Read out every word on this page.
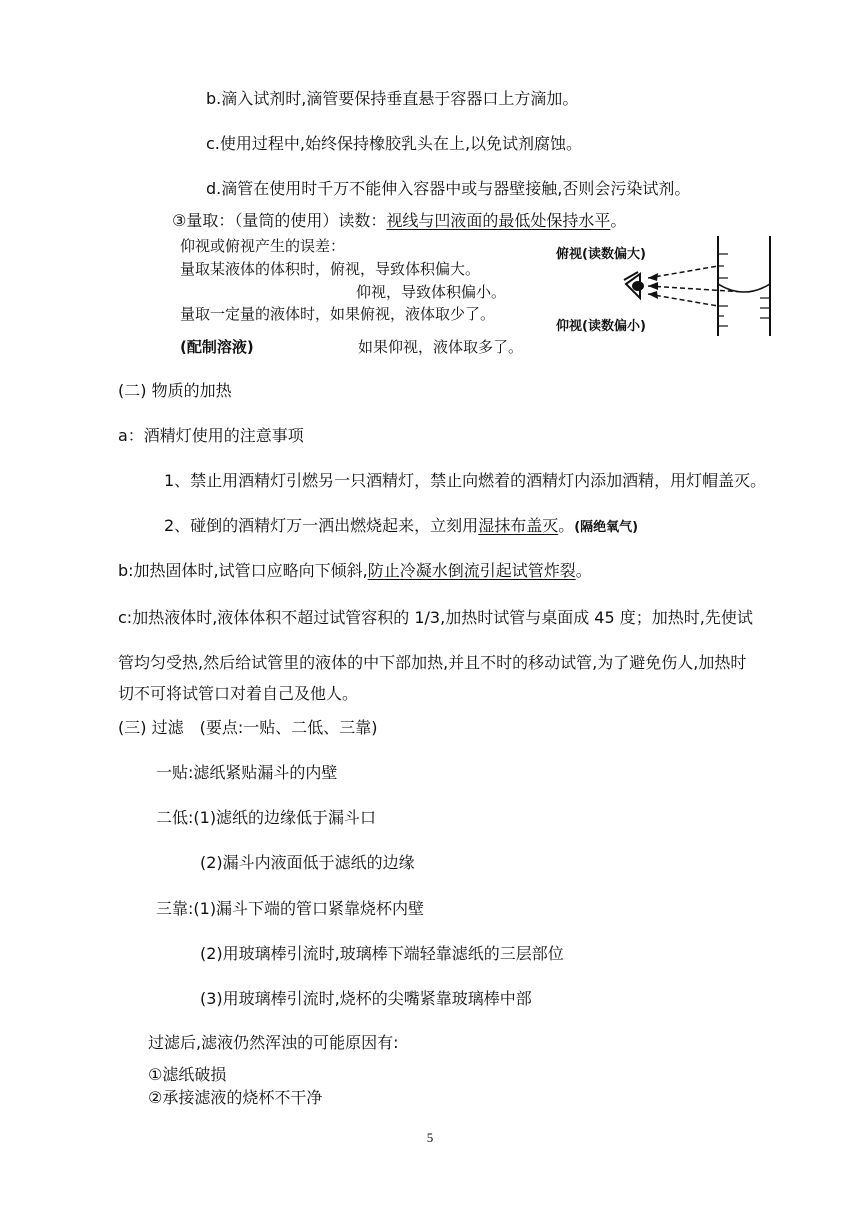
b.滴入试剂时,滴管要保持垂直悬于容器口上方滴加。
c.使用过程中,始终保持橡胶乳头在上,以免试剂腐蚀。
d.滴管在使用时千万不能伸入容器中或与器壁接触,否则会污染试剂。
③量取：（量筒的使用）读数：视线与凹液面的最低处保持水平。
仰视或俯视产生的误差：
量取某液体的体积时，俯视，导致体积偏大。
仰视，导致体积偏小。
量取一定量的液体时，如果俯视，液体取少了。
(配制溶液)	如果仰视，液体取多了。
俯视(读数偏大)
仰视(读数偏小)
(二) 物质的加热
a：酒精灯使用的注意事项
1、禁止用酒精灯引燃另一只酒精灯，禁止向燃着的酒精灯内添加酒精，用灯帽盖灭。
2、碰倒的酒精灯万一洒出燃烧起来，立刻用湿抹布盖灭。(隔绝氧气)
b:加热固体时,试管口应略向下倾斜,防止冷凝水倒流引起试管炸裂。
c:加热液体时,液体体积不超过试管容积的 1/3,加热时试管与桌面成 45 度；加热时,先使试
管均匀受热,然后给试管里的液体的中下部加热,并且不时的移动试管,为了避免伤人,加热时
切不可将试管口对着自己及他人。
(三) 过滤　(要点:一贴、二低、三靠)
一贴:滤纸紧贴漏斗的内壁
二低:(1)滤纸的边缘低于漏斗口
(2)漏斗内液面低于滤纸的边缘
三靠:(1)漏斗下端的管口紧靠烧杯内壁
(2)用玻璃棒引流时,玻璃棒下端轻靠滤纸的三层部位
(3)用玻璃棒引流时,烧杯的尖嘴紧靠玻璃棒中部
过滤后,滤液仍然浑浊的可能原因有:
①滤纸破损
②承接滤液的烧杯不干净
5
